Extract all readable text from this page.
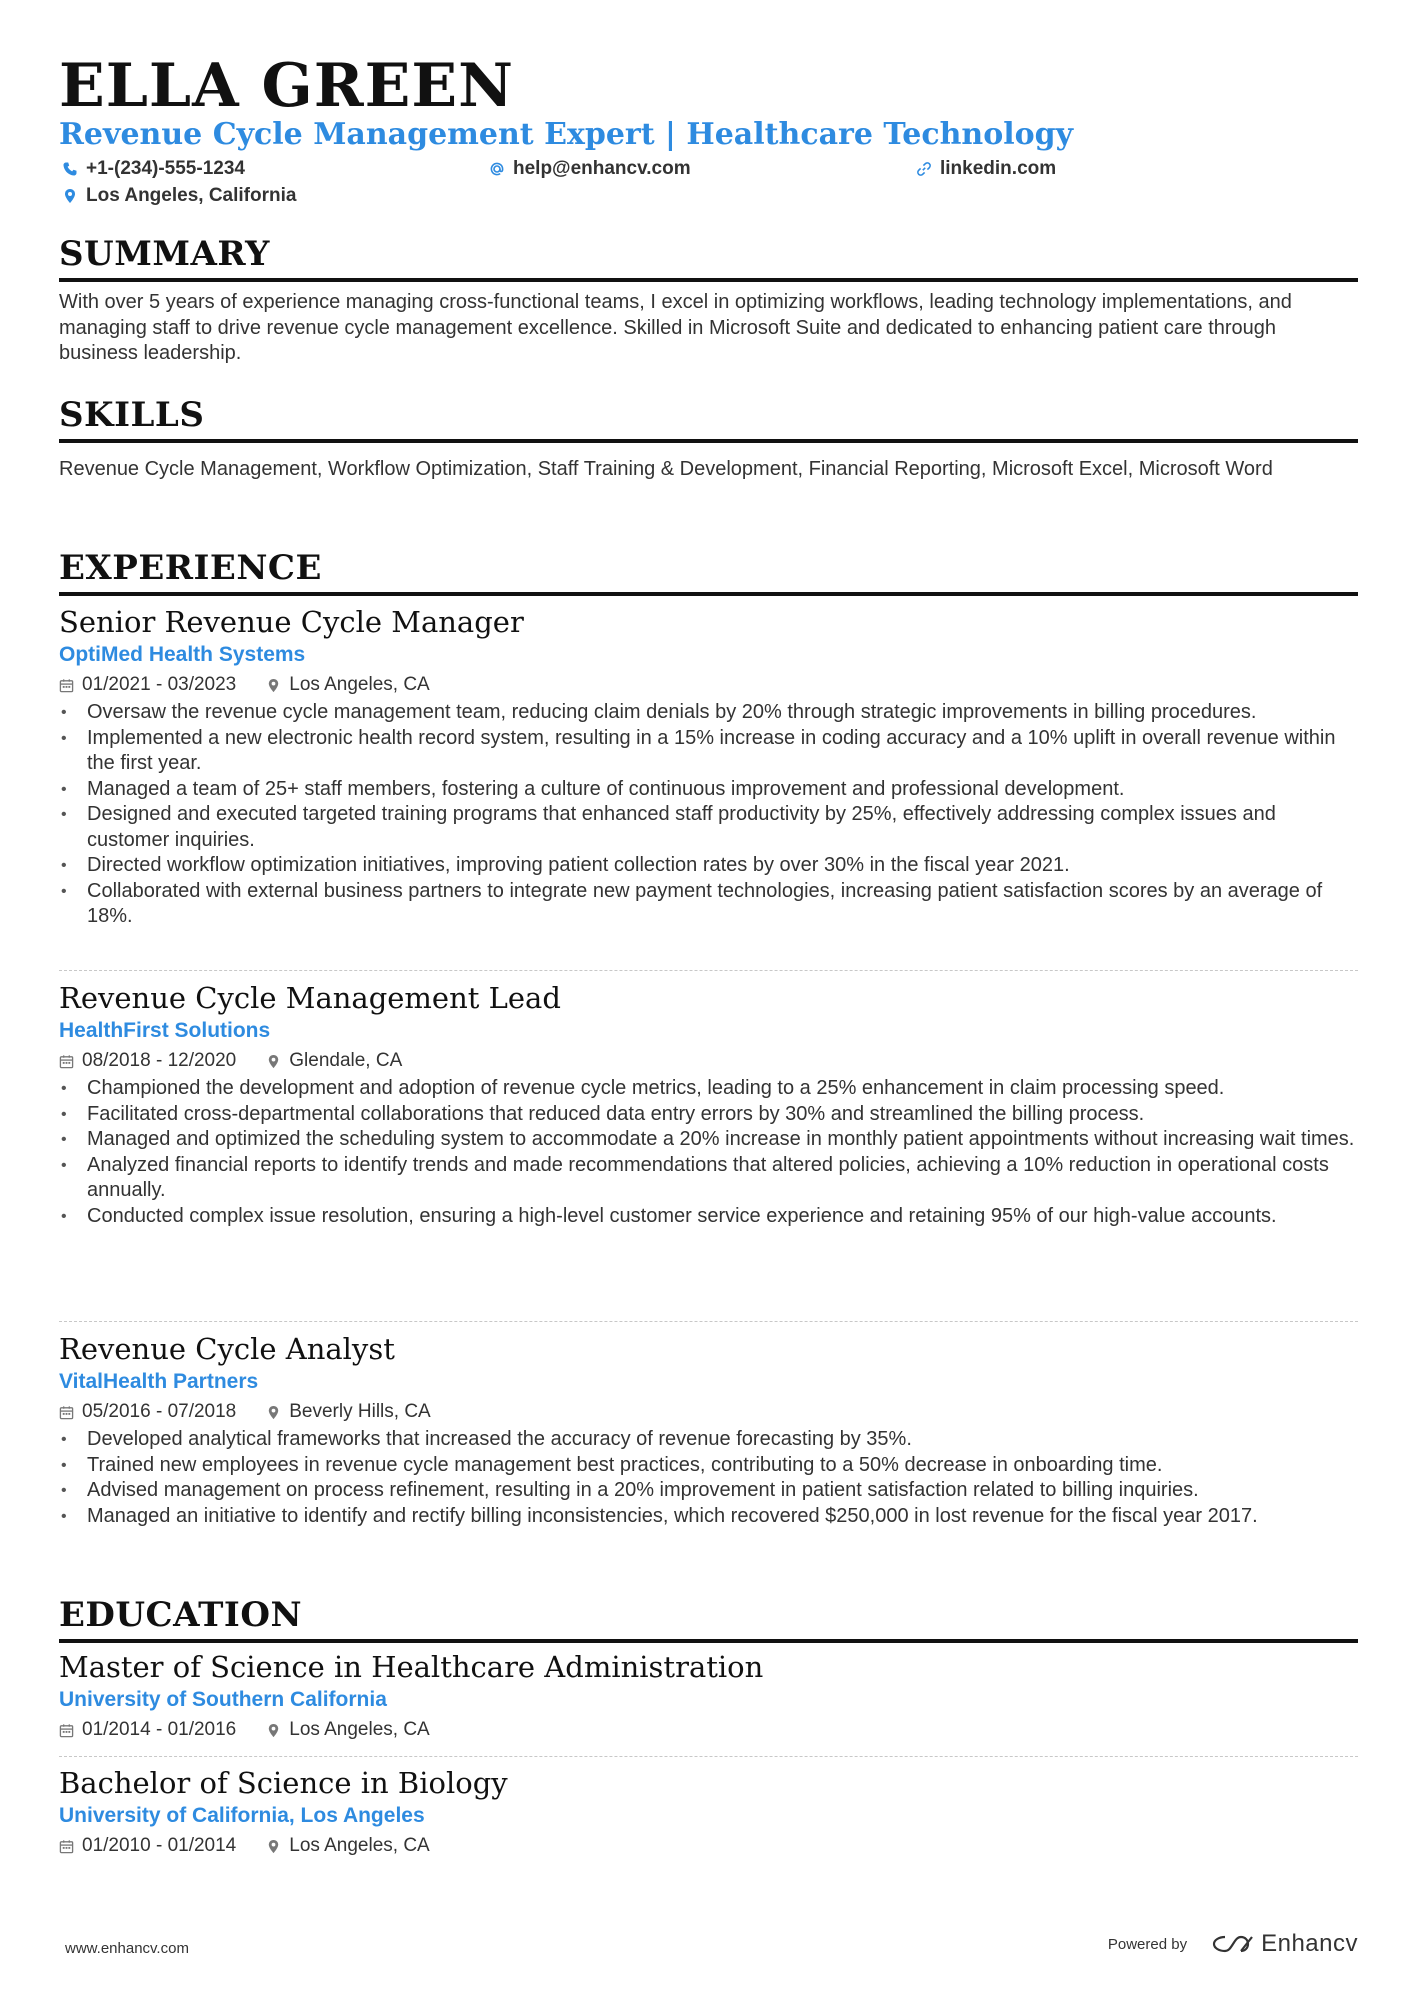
ELLA GREEN
Revenue Cycle Management Expert | Healthcare Technology
+1-(234)-555-1234	help@enhancv.com	linkedin.com
Los Angeles, California
SUMMARY
With over 5 years of experience managing cross-functional teams, I excel in optimizing workflows, leading technology implementations, and managing staff to drive revenue cycle management excellence. Skilled in Microsoft Suite and dedicated to enhancing patient care through business leadership.
SKILLS
Revenue Cycle Management, Workflow Optimization, Staff Training & Development, Financial Reporting, Microsoft Excel, Microsoft Word
EXPERIENCE
Senior Revenue Cycle Manager
OptiMed Health Systems
01/2021 - 03/2023	Los Angeles, CA
• Oversaw the revenue cycle management team, reducing claim denials by 20% through strategic improvements in billing procedures.
• Implemented a new electronic health record system, resulting in a 15% increase in coding accuracy and a 10% uplift in overall revenue within the first year.
• Managed a team of 25+ staff members, fostering a culture of continuous improvement and professional development.
• Designed and executed targeted training programs that enhanced staff productivity by 25%, effectively addressing complex issues and customer inquiries.
• Directed workflow optimization initiatives, improving patient collection rates by over 30% in the fiscal year 2021.
• Collaborated with external business partners to integrate new payment technologies, increasing patient satisfaction scores by an average of 18%.
Revenue Cycle Management Lead
HealthFirst Solutions
08/2018 - 12/2020	Glendale, CA
• Championed the development and adoption of revenue cycle metrics, leading to a 25% enhancement in claim processing speed.
• Facilitated cross-departmental collaborations that reduced data entry errors by 30% and streamlined the billing process.
• Managed and optimized the scheduling system to accommodate a 20% increase in monthly patient appointments without increasing wait times.
• Analyzed financial reports to identify trends and made recommendations that altered policies, achieving a 10% reduction in operational costs annually.
• Conducted complex issue resolution, ensuring a high-level customer service experience and retaining 95% of our high-value accounts.
Revenue Cycle Analyst
VitalHealth Partners
05/2016 - 07/2018	Beverly Hills, CA
• Developed analytical frameworks that increased the accuracy of revenue forecasting by 35%.
• Trained new employees in revenue cycle management best practices, contributing to a 50% decrease in onboarding time.
• Advised management on process refinement, resulting in a 20% improvement in patient satisfaction related to billing inquiries.
• Managed an initiative to identify and rectify billing inconsistencies, which recovered $250,000 in lost revenue for the fiscal year 2017.
EDUCATION
Master of Science in Healthcare Administration
University of Southern California
01/2014 - 01/2016	Los Angeles, CA
Bachelor of Science in Biology
University of California, Los Angeles
01/2010 - 01/2014	Los Angeles, CA
www.enhancv.com	Powered by	Enhancv
